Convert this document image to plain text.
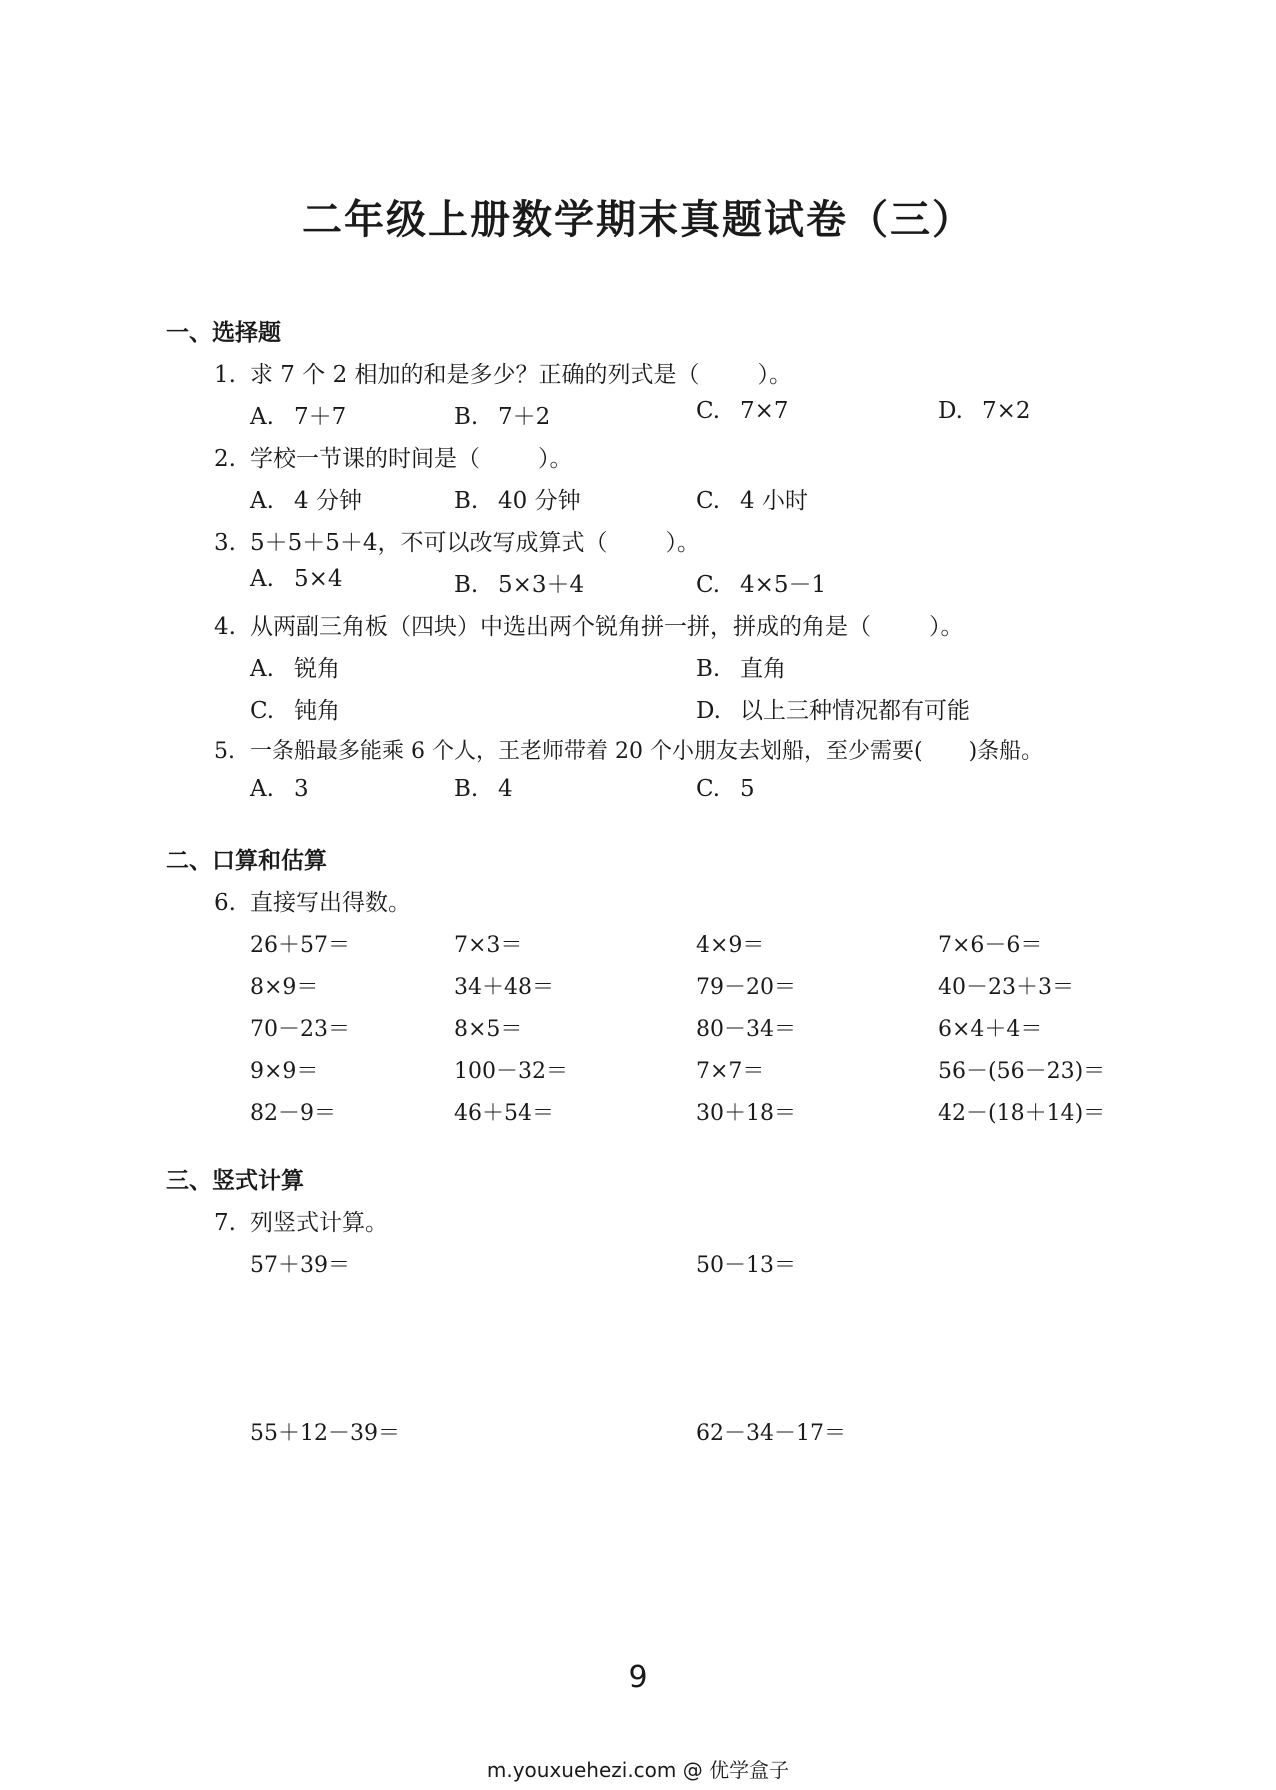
二年级上册数学期末真题试卷（三）
一、选择题
1. 求 7 个 2 相加的和是多少？正确的列式是（	）。
A. 7＋7	B. 7＋2	C. 7×7	D. 7×2
2. 学校一节课的时间是（	）。
A. 4 分钟	B. 40 分钟	C. 4 小时
3. 5＋5＋5＋4，不可以改写成算式（	）。
A. 5×4	B. 5×3＋4	C. 4×5－1
4. 从两副三角板（四块）中选出两个锐角拼一拼，拼成的角是（	）。
A. 锐角	B. 直角
C. 钝角	D. 以上三种情况都有可能
5. 一条船最多能乘 6 个人，王老师带着 20 个小朋友去划船，至少需要( )条船。
A. 3	B. 4	C. 5
二、口算和估算
6. 直接写出得数。
26＋57＝	7×3＝	4×9＝	7×6－6＝
8×9＝	34＋48＝	79－20＝	40－23＋3＝
70－23＝	8×5＝	80－34＝	6×4＋4＝
9×9＝	100－32＝	7×7＝	56－(56－23)＝
82－9＝	46＋54＝	30＋18＝	42－(18＋14)＝
三、竖式计算
7. 列竖式计算。
57＋39＝	50－13＝
55＋12－39＝	62－34－17＝
9
m.youxuehezi.com @ 优学盒子
